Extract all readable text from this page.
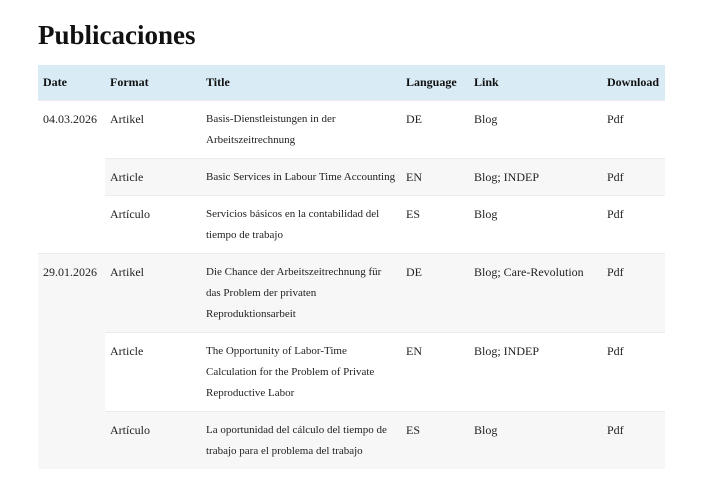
Publicaciones
Date	Format	Title	Language	Link	Download
04.03.2026	Artikel	Basis-Dienstleistungen in der Arbeitszeitrechnung	DE	Blog	Pdf
	Article	Basic Services in Labour Time Accounting	EN	Blog; INDEP	Pdf
	Artículo	Servicios básicos en la contabilidad del tiempo de trabajo	ES	Blog	Pdf
29.01.2026	Artikel	Die Chance der Arbeitszeitrechnung für das Problem der privaten Reproduktionsarbeit	DE	Blog; Care-Revolution	Pdf
	Article	The Opportunity of Labor-Time Calculation for the Problem of Private Reproductive Labor	EN	Blog; INDEP	Pdf
	Artículo	La oportunidad del cálculo del tiempo de trabajo para el problema del trabajo	ES	Blog	Pdf
